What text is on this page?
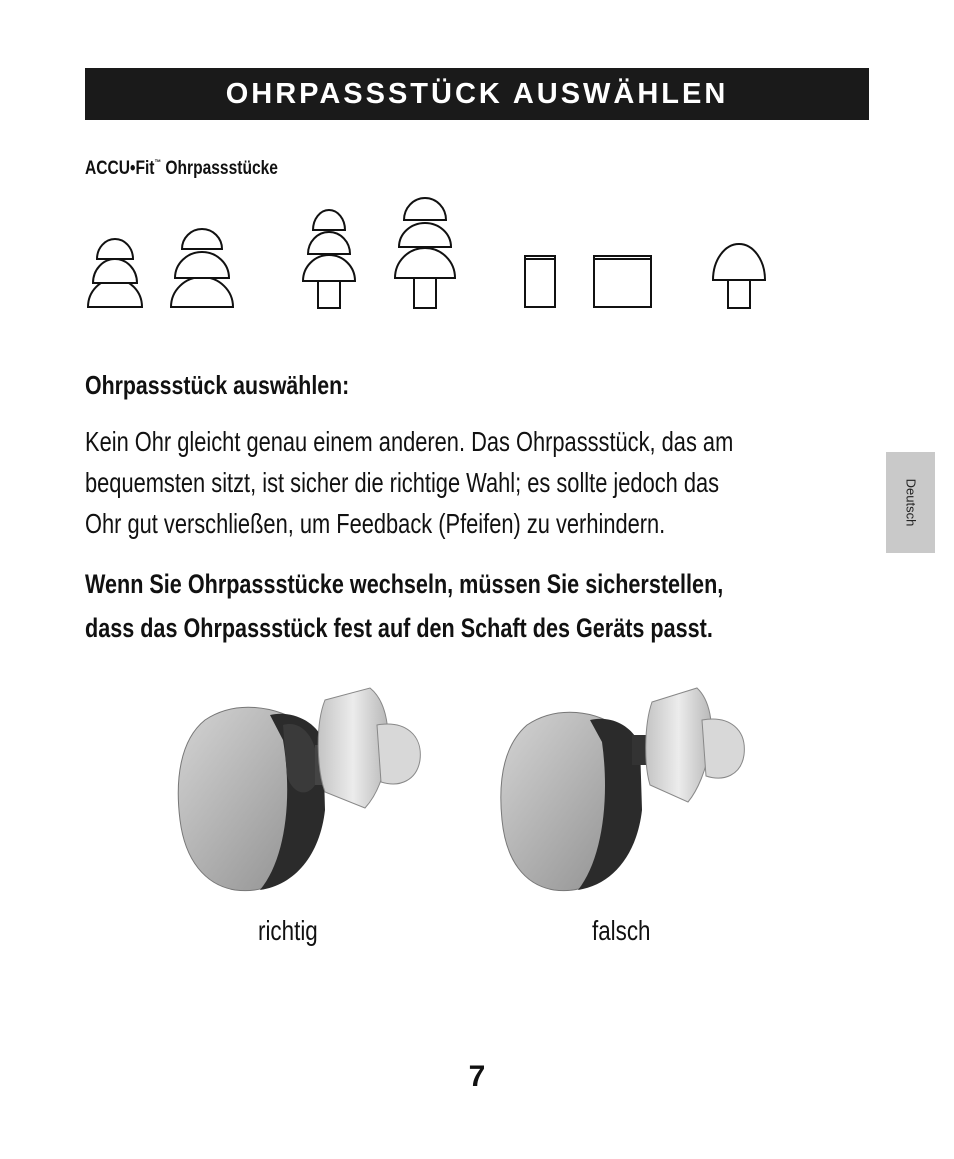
OHRPASSSTÜCK AUSWÄHLEN
ACCU•Fit™ Ohrpassstücke
Ohrpassstück auswählen:

Kein Ohr gleicht genau einem anderen. Das Ohrpassstück, das am

bequemsten sitzt, ist sicher die richtige Wahl; es sollte jedoch das

Ohr gut verschließen, um Feedback (Pfeifen) zu verhindern.

Wenn Sie Ohrpassstücke wechseln, müssen Sie sicherstellen,

dass das Ohrpassstück fest auf den Schaft des Geräts passt.

Deutsch
richtig	falsch
7
